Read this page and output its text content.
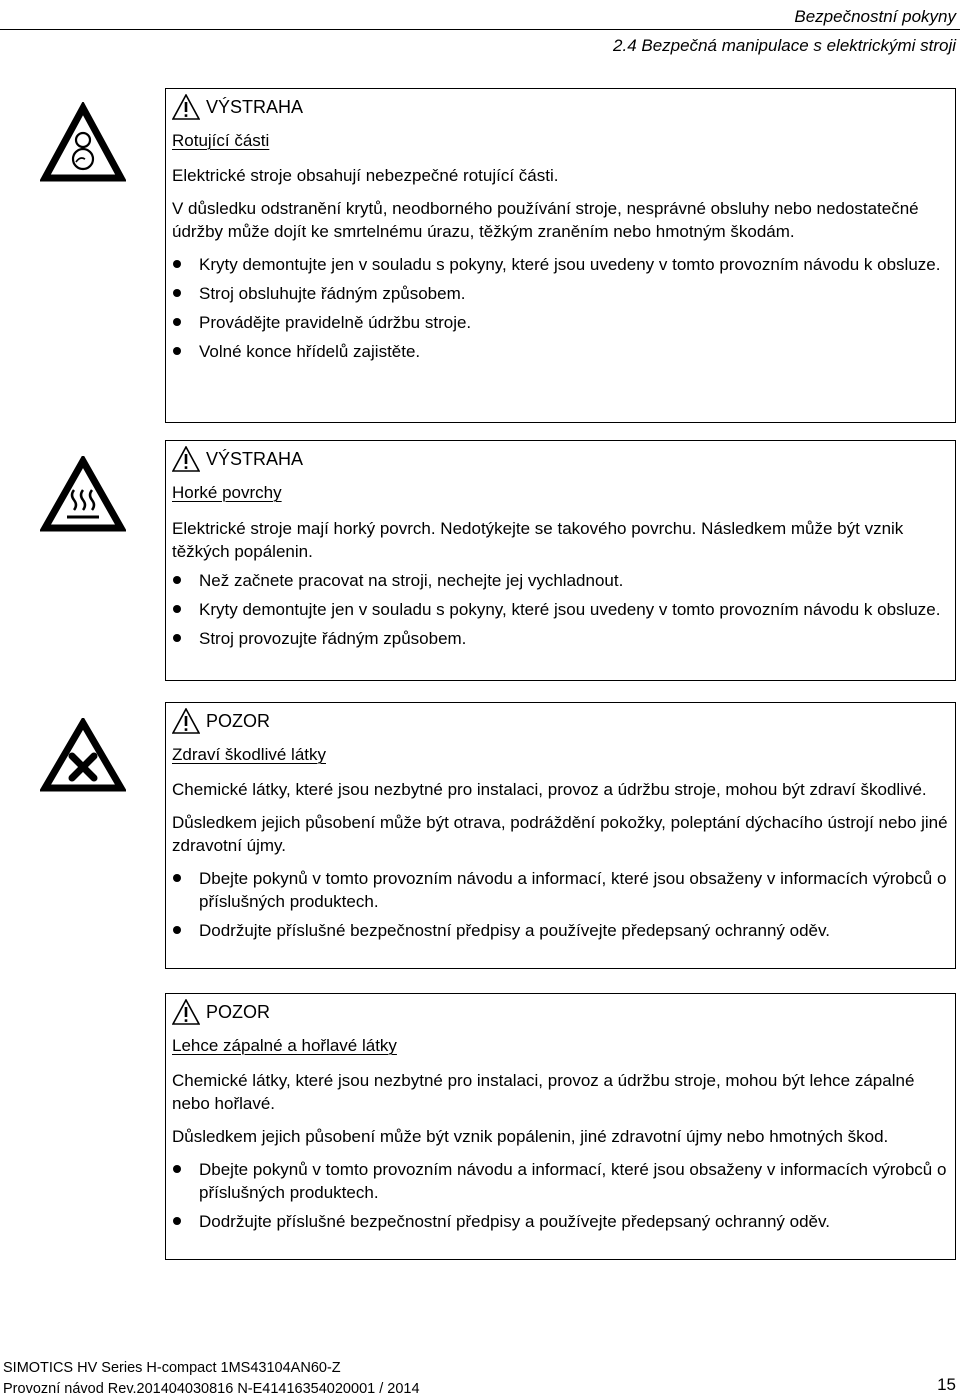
Bezpečnostní pokyny
2.4 Bezpečná manipulace s elektrickými stroji
VÝSTRAHA
Rotující části

Elektrické stroje obsahují nebezpečné rotující části.

V důsledku odstranění krytů, neodborného používání stroje, nesprávné obsluhy nebo nedostatečné údržby může dojít ke smrtelnému úrazu, těžkým zraněním nebo hmotným škodám.

Kryty demontujte jen v souladu s pokyny, které jsou uvedeny v tomto provozním návodu k obsluze.
Stroj obsluhujte řádným způsobem.
Provádějte pravidelně údržbu stroje.
Volné konce hřídelů zajistěte.
VÝSTRAHA
Horké povrchy

Elektrické stroje mají horký povrch. Nedotýkejte se takového povrchu. Následkem může být vznik těžkých popálenin.

Než začnete pracovat na stroji, nechejte jej vychladnout.
Kryty demontujte jen v souladu s pokyny, které jsou uvedeny v tomto provozním návodu k obsluze.
Stroj provozujte řádným způsobem.
POZOR
Zdraví škodlivé látky

Chemické látky, které jsou nezbytné pro instalaci, provoz a údržbu stroje, mohou být zdraví škodlivé.

Důsledkem jejich působení může být otrava, podráždění pokožky, poleptání dýchacího ústrojí nebo jiné zdravotní újmy.

Dbejte pokynů v tomto provozním návodu a informací, které jsou obsaženy v informacích výrobců o příslušných produktech.
Dodržujte příslušné bezpečnostní předpisy a používejte předepsaný ochranný oděv.
POZOR
Lehce zápalné a hořlavé látky

Chemické látky, které jsou nezbytné pro instalaci, provoz a údržbu stroje, mohou být lehce zápalné nebo hořlavé.

Důsledkem jejich působení může být vznik popálenin, jiné zdravotní újmy nebo hmotných škod.

Dbejte pokynů v tomto provozním návodu a informací, které jsou obsaženy v informacích výrobců o příslušných produktech.
Dodržujte příslušné bezpečnostní předpisy a používejte předepsaný ochranný oděv.
SIMOTICS HV Series H-compact 1MS43104AN60-Z
Provozní návod Rev.201404030816 N-E41416354020001 / 2014	15
